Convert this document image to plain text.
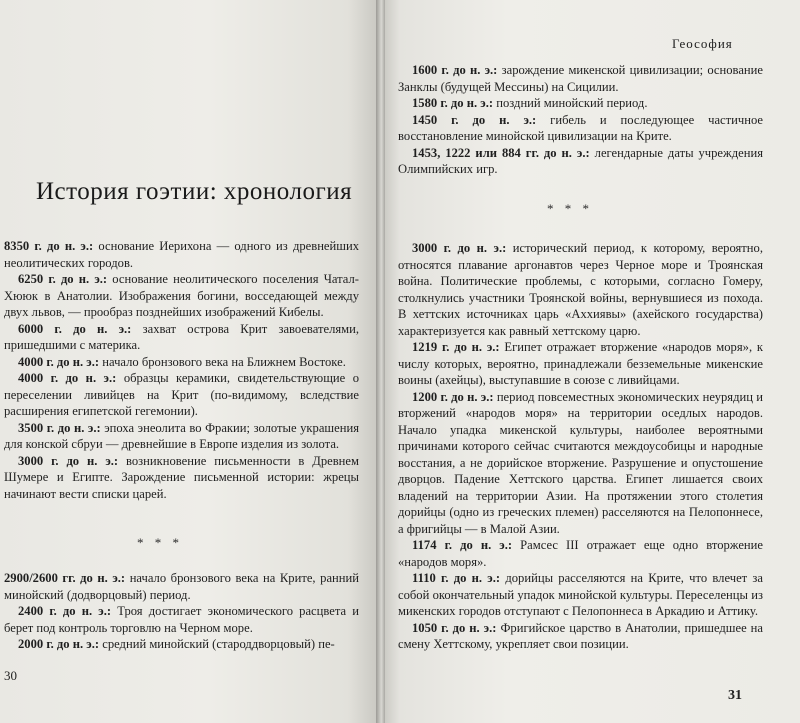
История гоэтии: хронология

8350 г. до н. э.: основание Иерихона — одного из древнейших неолитических городов.

6250 г. до н. э.: основание неолитического поселения Чатал-Хююк в Анатолии. Изображения богини, восседающей между двух львов, — прообраз позднейших изображений Кибелы.

6000 г. до н. э.: захват острова Крит завоевателями, пришедшими с материка.

4000 г. до н. э.: начало бронзового века на Ближнем Востоке.

4000 г. до н. э.: образцы керамики, свидетельствующие о переселении ливийцев на Крит (по-видимому, вследствие расширения египетской гегемонии).

3500 г. до н. э.: эпоха энеолита во Фракии; золотые украшения для конской сбруи — древнейшие в Европе изделия из золота.

3000 г. до н. э.: возникновение письменности в Древнем Шумере и Египте. Зарождение письменной истории: жрецы начинают вести списки царей.

* * *

2900/2600 гг. до н. э.: начало бронзового века на Крите, ранний минойский (додворцовый) период.

2400 г. до н. э.: Троя достигает экономического расцвета и берет под контроль торговлю на Черном море.

2000 г. до н. э.: средний минойский (староддворцовый) пе-

30
Геософия

1600 г. до н. э.: зарождение микенской цивилизации; основание Занклы (будущей Мессины) на Сицилии.

1580 г. до н. э.: поздний минойский период.

1450 г. до н. э.: гибель и последующее частичное восстановление минойской цивилизации на Крите.

1453, 1222 или 884 гг. до н. э.: легендарные даты учреждения Олимпийских игр.

* * *

3000 г. до н. э.: исторический период, к которому, вероятно, относятся плавание аргонавтов через Черное море и Троянская война. Политические проблемы, с которыми, согласно Гомеру, столкнулись участники Троянской войны, вернувшиеся из похода. В хеттских источниках царь «Аххиявы» (ахейского государства) характеризуется как равный хеттскому царю.

1219 г. до н. э.: Египет отражает вторжение «народов моря», к числу которых, вероятно, принадлежали безземельные микенские воины (ахейцы), выступавшие в союзе с ливийцами.

1200 г. до н. э.: период повсеместных экономических неурядиц и вторжений «народов моря» на территории оседлых народов. Начало упадка микенской культуры, наиболее вероятными причинами которого сейчас считаются междоусобицы и народные восстания, а не дорийское вторжение. Разрушение и опустошение дворцов. Падение Хеттского царства. Египет лишается своих владений на территории Азии. На протяжении этого столетия дорийцы (одно из греческих племен) расселяются на Пелопоннесе, а фригийцы — в Малой Азии.

1174 г. до н. э.: Рамсес III отражает еще одно вторжение «народов моря».

1110 г. до н. э.: дорийцы расселяются на Крите, что влечет за собой окончательный упадок минойской культуры. Переселенцы из микенских городов отступают с Пелопоннеса в Аркадию и Аттику.

1050 г. до н. э.: Фригийское царство в Анатолии, пришедшее на смену Хеттскому, укрепляет свои позиции.

31
